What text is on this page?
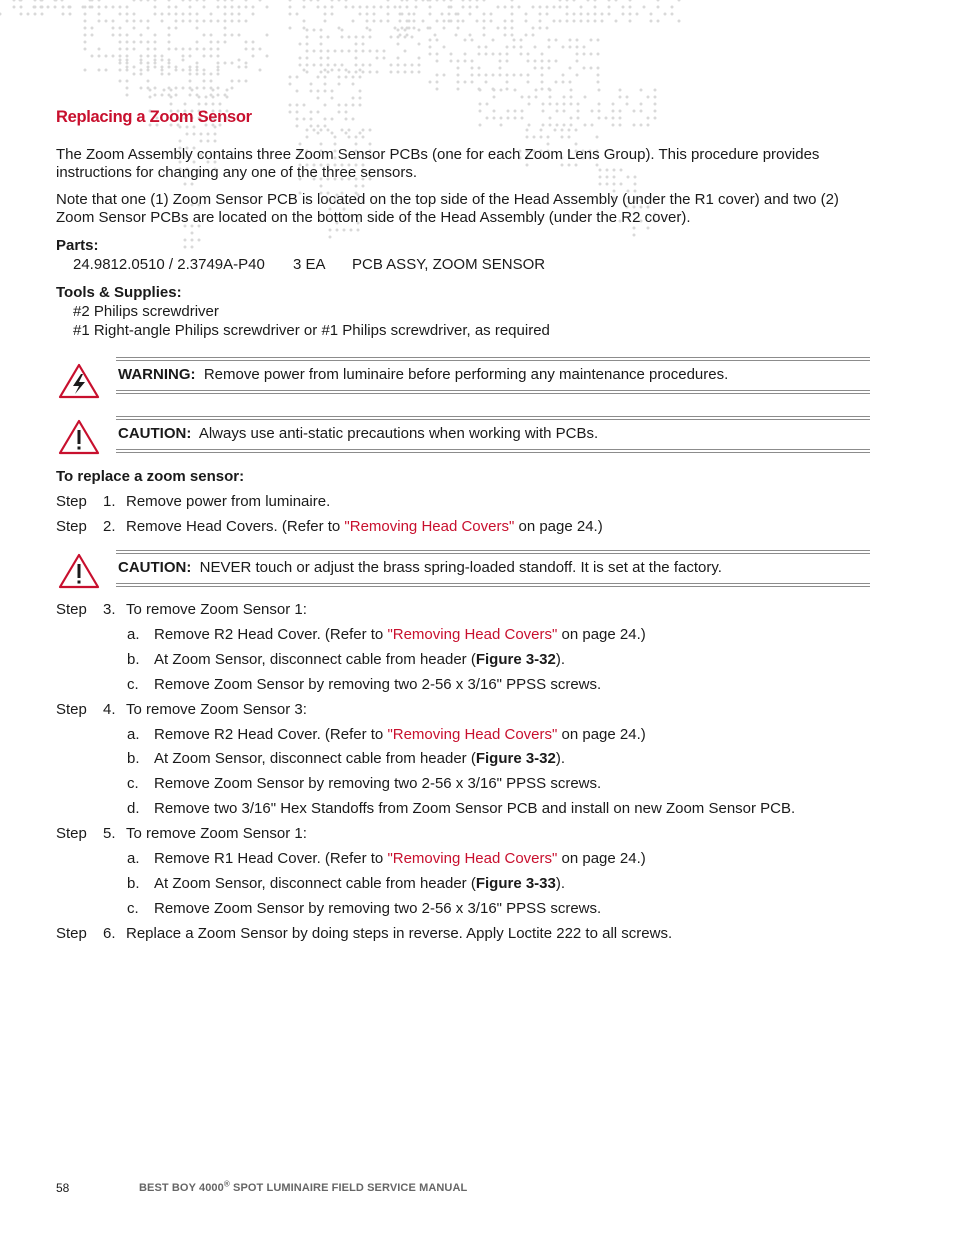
Replacing a Zoom Sensor
The Zoom Assembly contains three Zoom Sensor PCBs (one for each Zoom Lens Group). This procedure provides instructions for changing any one of the three sensors.
Note that one (1) Zoom Sensor PCB is located on the top side of the Head Assembly (under the R1 cover) and two (2) Zoom Sensor PCBs are located on the bottom side of the Head Assembly (under the R2 cover).
Parts:
24.9812.0510 / 2.3749A-P40 3 EA PCB ASSY, ZOOM SENSOR
Tools & Supplies:
#2 Philips screwdriver
#1 Right-angle Philips screwdriver or #1 Philips screwdriver, as required
WARNING: Remove power from luminaire before performing any maintenance procedures.
CAUTION: Always use anti-static precautions when working with PCBs.
To replace a zoom sensor:
Step 1. Remove power from luminaire.
Step 2. Remove Head Covers. (Refer to "Removing Head Covers" on page 24.)
CAUTION: NEVER touch or adjust the brass spring-loaded standoff. It is set at the factory.
Step 3. To remove Zoom Sensor 1:
a. Remove R2 Head Cover. (Refer to "Removing Head Covers" on page 24.)
b. At Zoom Sensor, disconnect cable from header (Figure 3-32).
c. Remove Zoom Sensor by removing two 2-56 x 3/16" PPSS screws.
Step 4. To remove Zoom Sensor 3:
a. Remove R2 Head Cover. (Refer to "Removing Head Covers" on page 24.)
b. At Zoom Sensor, disconnect cable from header (Figure 3-32).
c. Remove Zoom Sensor by removing two 2-56 x 3/16" PPSS screws.
d. Remove two 3/16" Hex Standoffs from Zoom Sensor PCB and install on new Zoom Sensor PCB.
Step 5. To remove Zoom Sensor 1:
a. Remove R1 Head Cover. (Refer to "Removing Head Covers" on page 24.)
b. At Zoom Sensor, disconnect cable from header (Figure 3-33).
c. Remove Zoom Sensor by removing two 2-56 x 3/16" PPSS screws.
Step 6. Replace a Zoom Sensor by doing steps in reverse. Apply Loctite 222 to all screws.
58	BEST BOY 4000® SPOT LUMINAIRE FIELD SERVICE MANUAL
